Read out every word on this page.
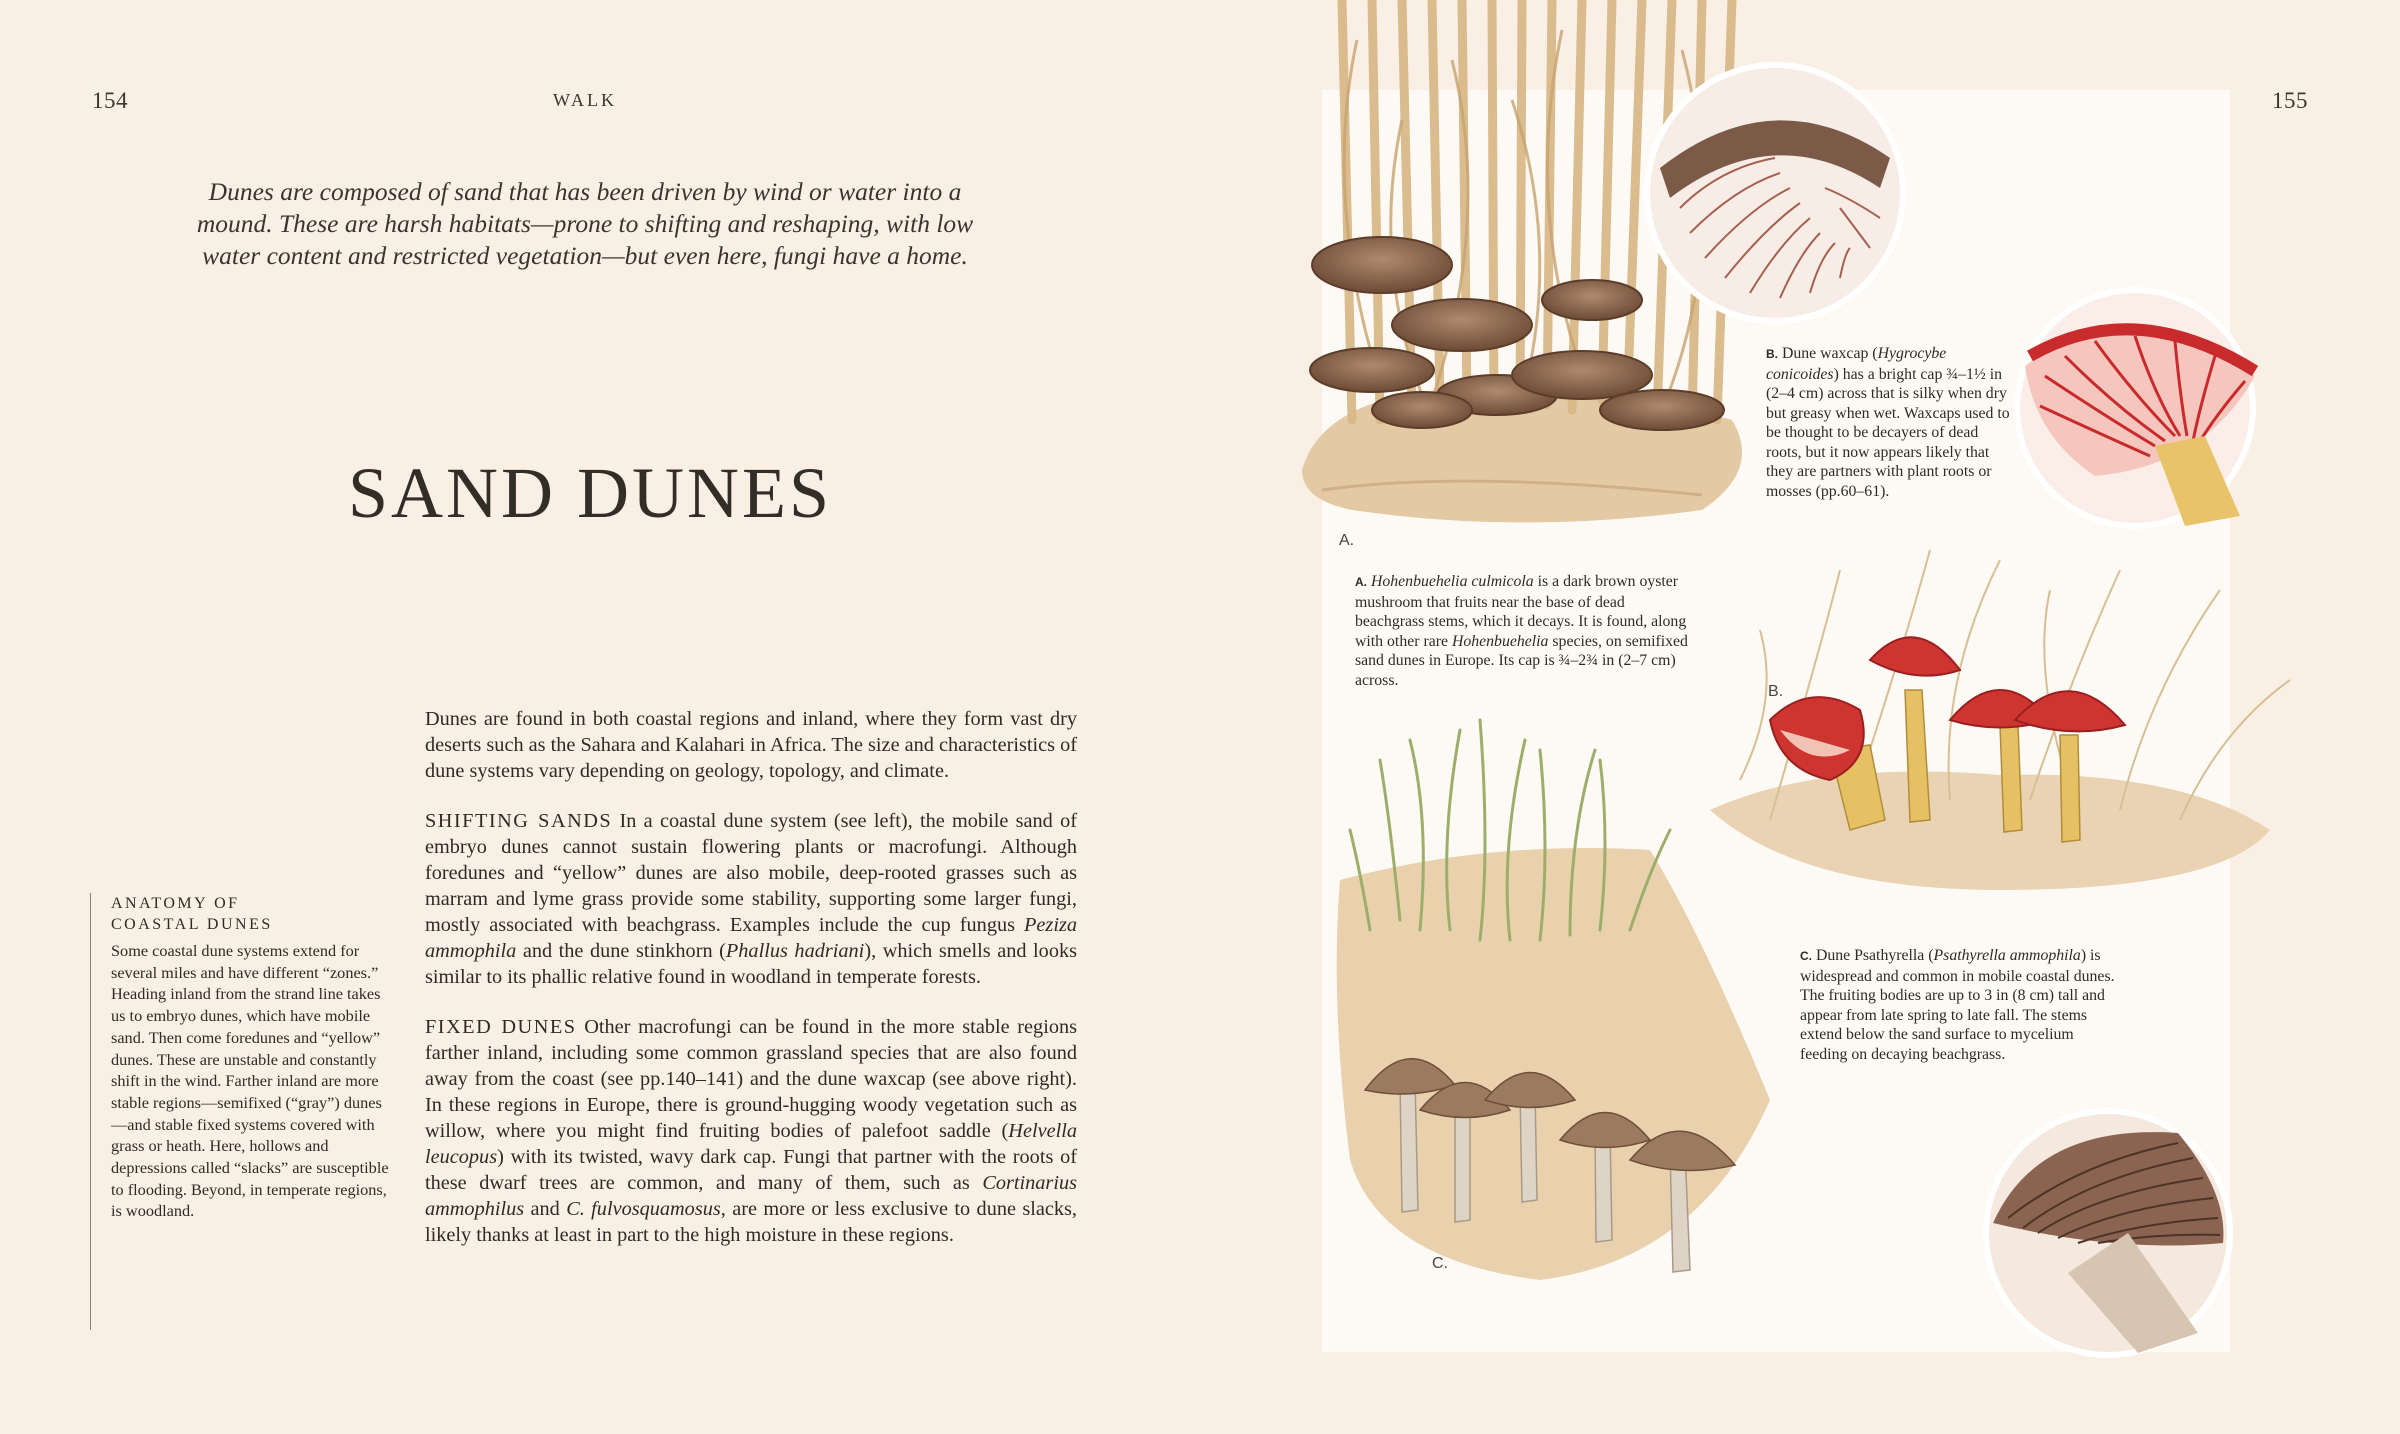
154	WALK
Dunes are composed of sand that has been driven by wind or water into a mound. These are harsh habitats—prone to shifting and reshaping, with low water content and restricted vegetation—but even here, fungi have a home.
SAND DUNES

Dunes are found in both coastal regions and inland, where they form vast dry deserts such as the Sahara and Kalahari in Africa. The size and characteristics of dune systems vary depending on geology, topology, and climate.

SHIFTING SANDS In a coastal dune system (see left), the mobile sand of embryo dunes cannot sustain flowering plants or macrofungi. Although foredunes and “yellow” dunes are also mobile, deep-rooted grasses such as marram and lyme grass provide some stability, supporting some larger fungi, mostly associated with beachgrass. Examples include the cup fungus Peziza ammophila and the dune stinkhorn (Phallus hadriani), which smells and looks similar to its phallic relative found in woodland in temperate forests.

FIXED DUNES Other macrofungi can be found in the more stable regions farther inland, including some common grassland species that are also found away from the coast (see pp.140–141) and the dune waxcap (see above right). In these regions in Europe, there is ground-hugging woody vegetation such as willow, where you might find fruiting bodies of palefoot saddle (Helvella leucopus) with its twisted, wavy dark cap. Fungi that partner with the roots of these dwarf trees are common, and many of them, such as Cortinarius ammophilus and C. fulvosquamosus, are more or less exclusive to dune slacks, likely thanks at least in part to the high moisture in these regions.

ANATOMY OF
COASTAL DUNES
Some coastal dune systems extend for several miles and have different “zones.” Heading inland from the strand line takes us to embryo dunes, which have mobile sand. Then come foredunes and “yellow” dunes. These are unstable and constantly shift in the wind. Farther inland are more stable regions—semifixed (“gray”) dunes—and stable fixed systems covered with grass or heath. Here, hollows and depressions called “slacks” are susceptible to flooding. Beyond, in temperate regions, is woodland.
155
A.
B.
C.
A. Hohenbuehelia culmicola is a dark brown oyster mushroom that fruits near the base of dead beachgrass stems, which it decays. It is found, along with other rare Hohenbuehelia species, on semifixed sand dunes in Europe. Its cap is ¾–2¾ in (2–7 cm) across.
B. Dune waxcap (Hygrocybe conicoides) has a bright cap ¾–1½ in (2–4 cm) across that is silky when dry but greasy when wet. Waxcaps used to be thought to be decayers of dead roots, but it now appears likely that they are partners with plant roots or mosses (pp.60–61).
C. Dune Psathyrella (Psathyrella ammophila) is widespread and common in mobile coastal dunes. The fruiting bodies are up to 3 in (8 cm) tall and appear from late spring to late fall. The stems extend below the sand surface to mycelium feeding on decaying beachgrass.
